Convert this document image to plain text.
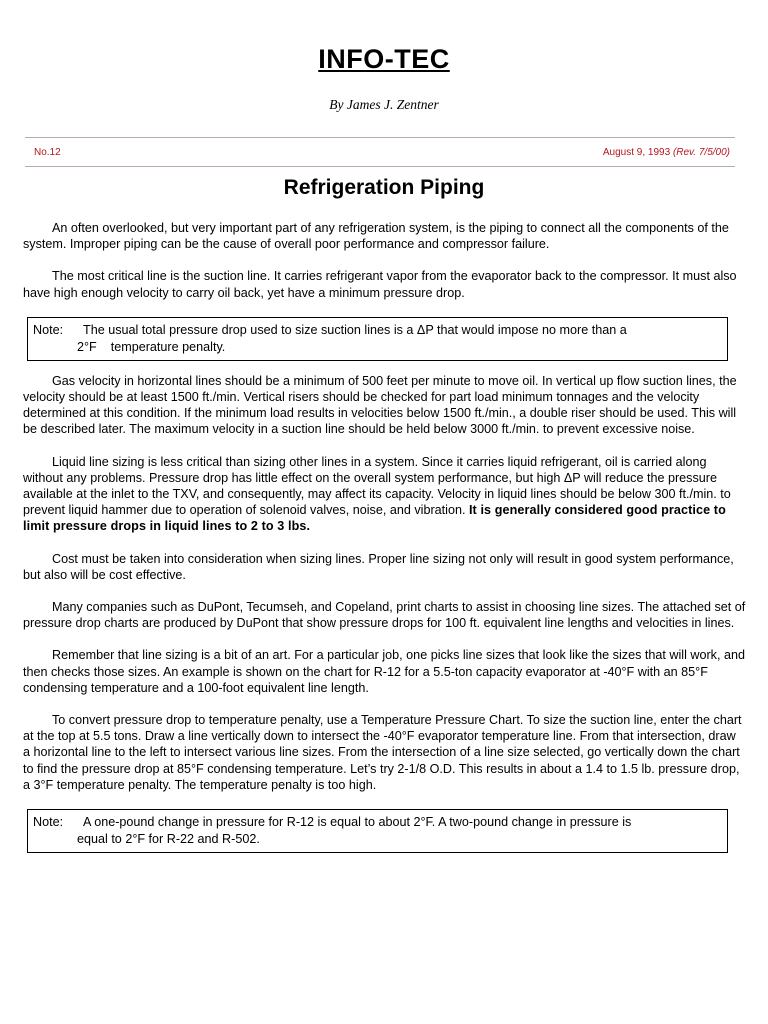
INFO-TEC
By James J. Zentner
No.12	August 9, 1993 (Rev. 7/5/00)
Refrigeration Piping

An often overlooked, but very important part of any refrigeration system, is the piping to connect all the components of the system. Improper piping can be the cause of overall poor performance and compressor failure.

The most critical line is the suction line. It carries refrigerant vapor from the evaporator back to the compressor. It must also have high enough velocity to carry oil back, yet have a minimum pressure drop.

Note: The usual total pressure drop used to size suction lines is a ΔP that would impose no more than a
2°F temperature penalty.

Gas velocity in horizontal lines should be a minimum of 500 feet per minute to move oil. In vertical up flow suction lines, the velocity should be at least 1500 ft./min. Vertical risers should be checked for part load minimum tonnages and the velocity determined at this condition. If the minimum load results in velocities below 1500 ft./min., a double riser should be used. This will be described later. The maximum velocity in a suction line should be held below 3000 ft./min. to prevent excessive noise.

Liquid line sizing is less critical than sizing other lines in a system. Since it carries liquid refrigerant, oil is carried along without any problems. Pressure drop has little effect on the overall system performance, but high ΔP will reduce the pressure available at the inlet to the TXV, and consequently, may affect its capacity. Velocity in liquid lines should be below 300 ft./min. to prevent liquid hammer due to operation of solenoid valves, noise, and vibration. It is generally considered good practice to limit pressure drops in liquid lines to 2 to 3 lbs.

Cost must be taken into consideration when sizing lines. Proper line sizing not only will result in good system performance, but also will be cost effective.

Many companies such as DuPont, Tecumseh, and Copeland, print charts to assist in choosing line sizes. The attached set of pressure drop charts are produced by DuPont that show pressure drops for 100 ft. equivalent line lengths and velocities in lines.

Remember that line sizing is a bit of an art. For a particular job, one picks line sizes that look like the sizes that will work, and then checks those sizes. An example is shown on the chart for R-12 for a 5.5-ton capacity evaporator at -40°F with an 85°F condensing temperature and a 100-foot equivalent line length.

To convert pressure drop to temperature penalty, use a Temperature Pressure Chart. To size the suction line, enter the chart at the top at 5.5 tons. Draw a line vertically down to intersect the -40°F evaporator temperature line. From that intersection, draw a horizontal line to the left to intersect various line sizes. From the intersection of a line size selected, go vertically down the chart to find the pressure drop at 85°F condensing temperature. Let’s try 2-1/8 O.D. This results in about a 1.4 to 1.5 lb. pressure drop, a 3°F temperature penalty. The temperature penalty is too high.

Note: A one-pound change in pressure for R-12 is equal to about 2°F. A two-pound change in pressure is
equal to 2°F for R-22 and R-502.
